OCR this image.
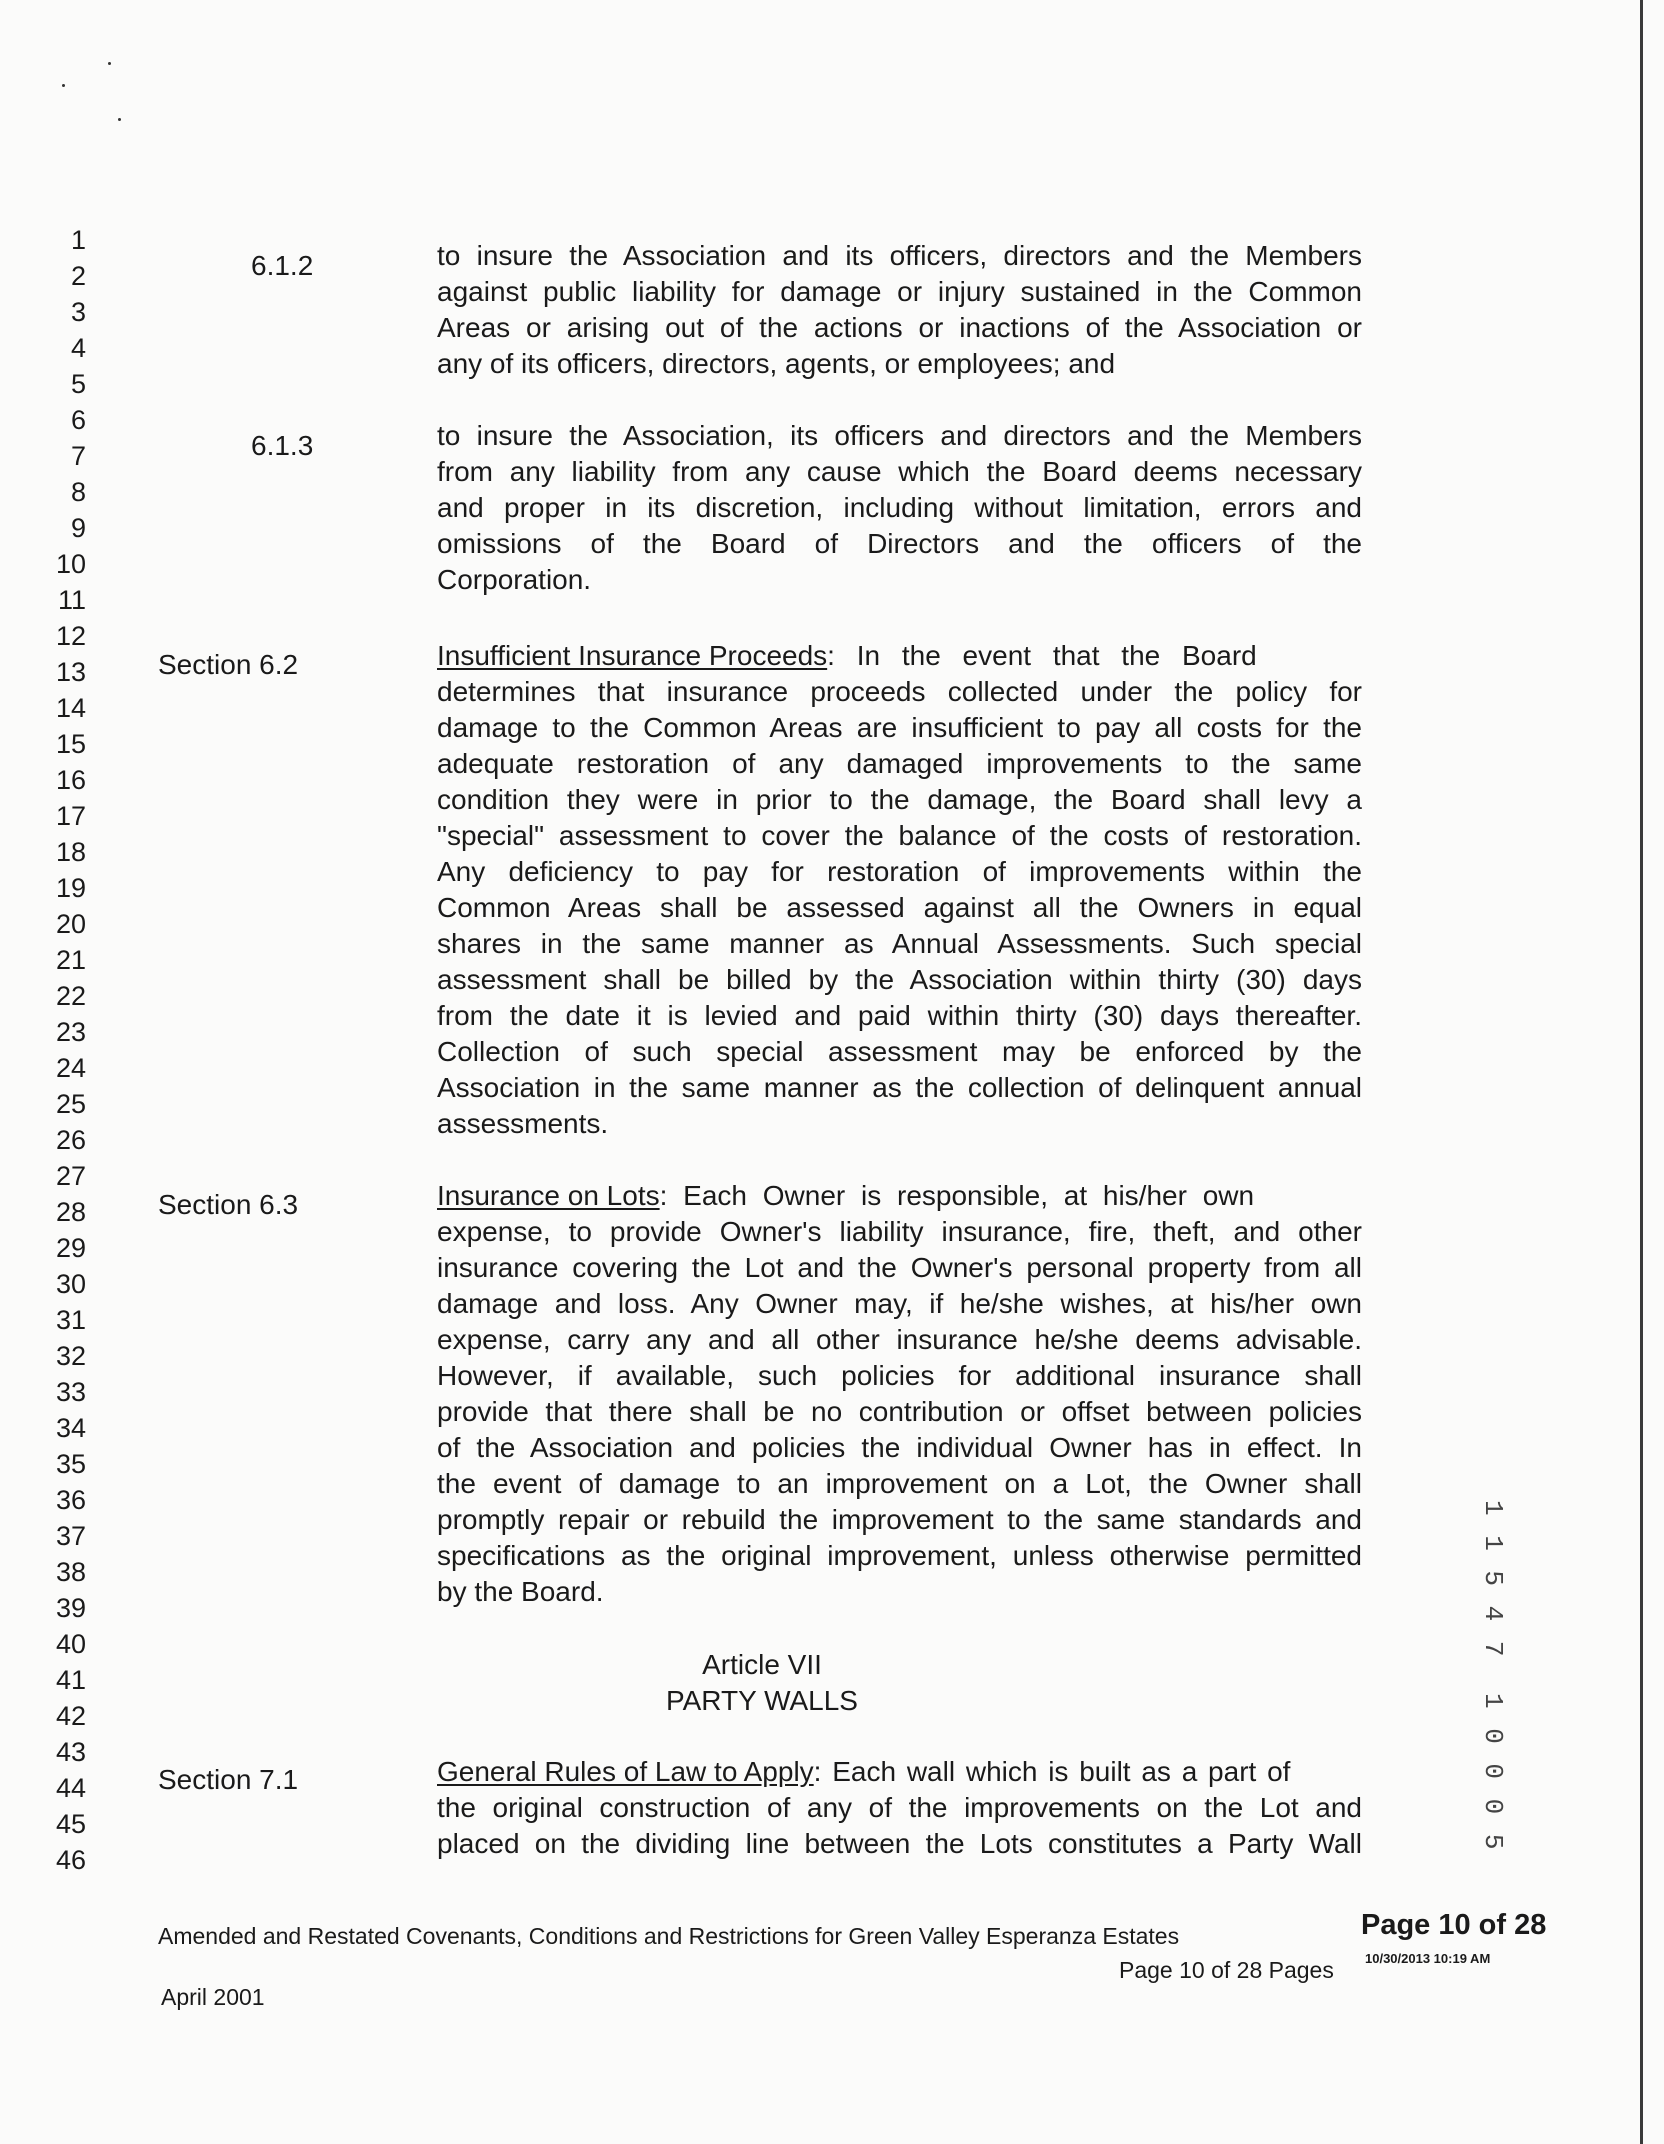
1
2
3
4
5
6
7
8
9
10
11
12
13
14
15
16
17
18
19
20
21
22
23
24
25
26
27
28
29
30
31
32
33
34
35
36
37
38
39
40
41
42
43
44
45
46
6.1.2
6.1.3
Section 6.2
Section 6.3
Section 7.1
to insure the Association and its officers, directors and the Members
against public liability for damage or injury sustained in the Common
Areas or arising out of the actions or inactions of the Association or
any of its officers, directors, agents, or employees; and
to insure the Association, its officers and directors and the Members
from any liability from any cause which the Board deems necessary
and proper in its discretion, including without limitation, errors and
omissions of the Board of Directors and the officers of the
Corporation.
Insufficient Insurance Proceeds: In the event that the Board
determines that insurance proceeds collected under the policy for
damage to the Common Areas are insufficient to pay all costs for the
adequate restoration of any damaged improvements to the same
condition they were in prior to the damage, the Board shall levy a
"special" assessment to cover the balance of the costs of restoration.
Any deficiency to pay for restoration of improvements within the
Common Areas shall be assessed against all the Owners in equal
shares in the same manner as Annual Assessments. Such special
assessment shall be billed by the Association within thirty (30) days
from the date it is levied and paid within thirty (30) days thereafter.
Collection of such special assessment may be enforced by the
Association in the same manner as the collection of delinquent annual
assessments.
Insurance on Lots: Each Owner is responsible, at his/her own
expense, to provide Owner's liability insurance, fire, theft, and other
insurance covering the Lot and the Owner's personal property from all
damage and loss. Any Owner may, if he/she wishes, at his/her own
expense, carry any and all other insurance he/she deems advisable.
However, if available, such policies for additional insurance shall
provide that there shall be no contribution or offset between policies
of the Association and policies the individual Owner has in effect. In
the event of damage to an improvement on a Lot, the Owner shall
promptly repair or rebuild the improvement to the same standards and
specifications as the original improvement, unless otherwise permitted
by the Board.
Article VII
PARTY WALLS
General Rules of Law to Apply: Each wall which is built as a part of
the original construction of any of the improvements on the Lot and
placed on the dividing line between the Lots constitutes a Party Wall
1 1 5 4 7
1 0 0 0 5
Amended and Restated Covenants, Conditions and Restrictions for Green Valley Esperanza Estates	Page 10 of 28
Page 10 of 28 Pages 10/30/2013 10:19 AM
April 2001
